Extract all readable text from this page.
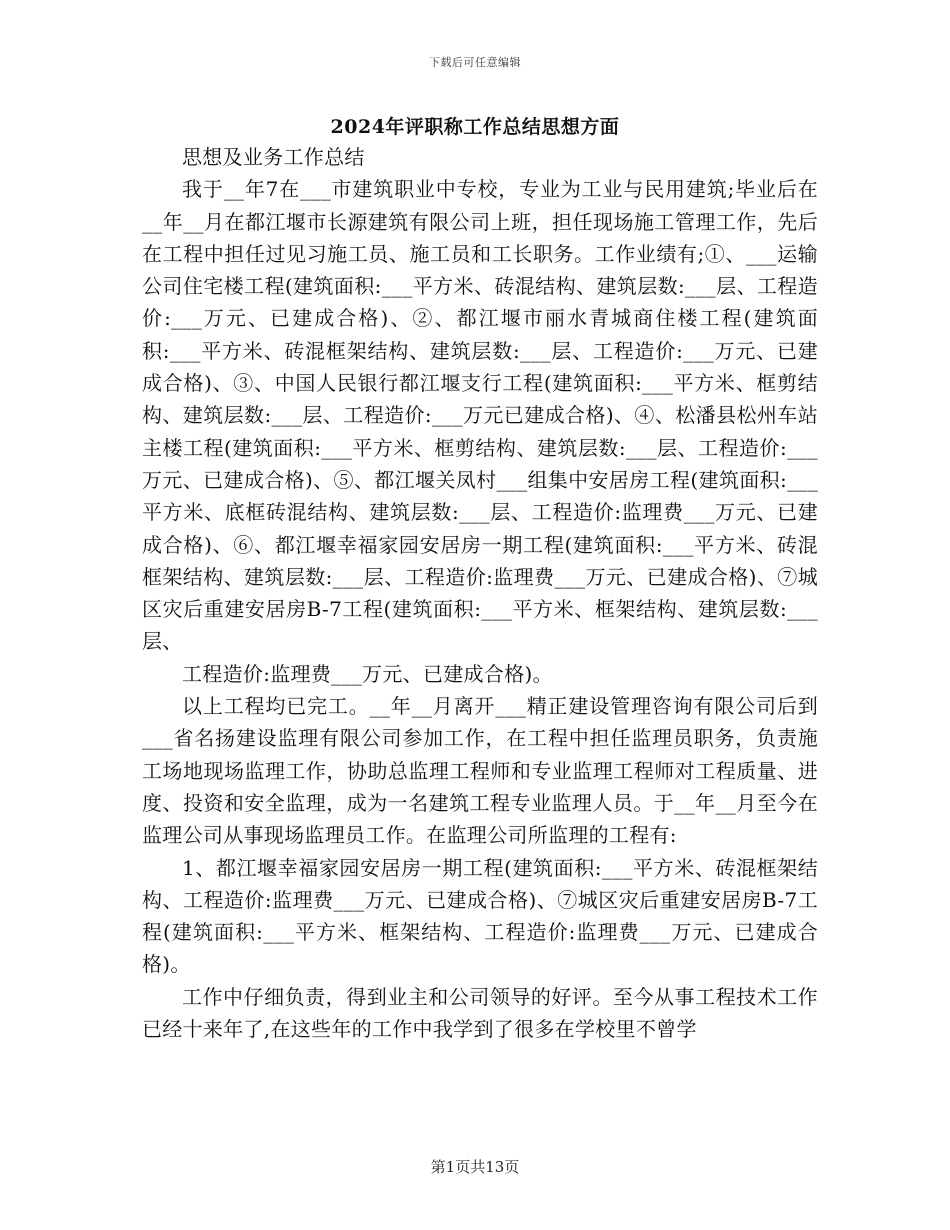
下载后可任意编辑
2024年评职称工作总结思想方面

思想及业务工作总结

我于__年7在___市建筑职业中专校，专业为工业与民用建筑;毕业后在__年__月在都江堰市长源建筑有限公司上班，担任现场施工管理工作，先后在工程中担任过见习施工员、施工员和工长职务。工作业绩有;①、___运输公司住宅楼工程(建筑面积:___平方米、砖混结构、建筑层数:___层、工程造价:___万元、已建成合格)、②、都江堰市丽水青城商住楼工程(建筑面积:___平方米、砖混框架结构、建筑层数:___层、工程造价:___万元、已建成合格)、③、中国人民银行都江堰支行工程(建筑面积:___平方米、框剪结构、建筑层数:___层、工程造价:___万元已建成合格)、④、松潘县松州车站主楼工程(建筑面积:___平方米、框剪结构、建筑层数:___层、工程造价:___万元、已建成合格)、⑤、都江堰关凤村___组集中安居房工程(建筑面积:___平方米、底框砖混结构、建筑层数:___层、工程造价:监理费___万元、已建成合格)、⑥、都江堰幸福家园安居房一期工程(建筑面积:___平方米、砖混框架结构、建筑层数:___层、工程造价:监理费___万元、已建成合格)、⑦城区灾后重建安居房B-7工程(建筑面积:___平方米、框架结构、建筑层数:___层、

工程造价:监理费___万元、已建成合格)。

以上工程均已完工。__年__月离开___精正建设管理咨询有限公司后到___省名扬建设监理有限公司参加工作，在工程中担任监理员职务，负责施工场地现场监理工作，协助总监理工程师和专业监理工程师对工程质量、进度、投资和安全监理，成为一名建筑工程专业监理人员。于__年__月至今在监理公司从事现场监理员工作。在监理公司所监理的工程有:

1、都江堰幸福家园安居房一期工程(建筑面积:___平方米、砖混框架结构、工程造价:监理费___万元、已建成合格)、⑦城区灾后重建安居房B-7工程(建筑面积:___平方米、框架结构、工程造价:监理费___万元、已建成合格)。

工作中仔细负责，得到业主和公司领导的好评。至今从事工程技术工作已经十来年了,在这些年的工作中我学到了很多在学校里不曾学

第1页共13页
